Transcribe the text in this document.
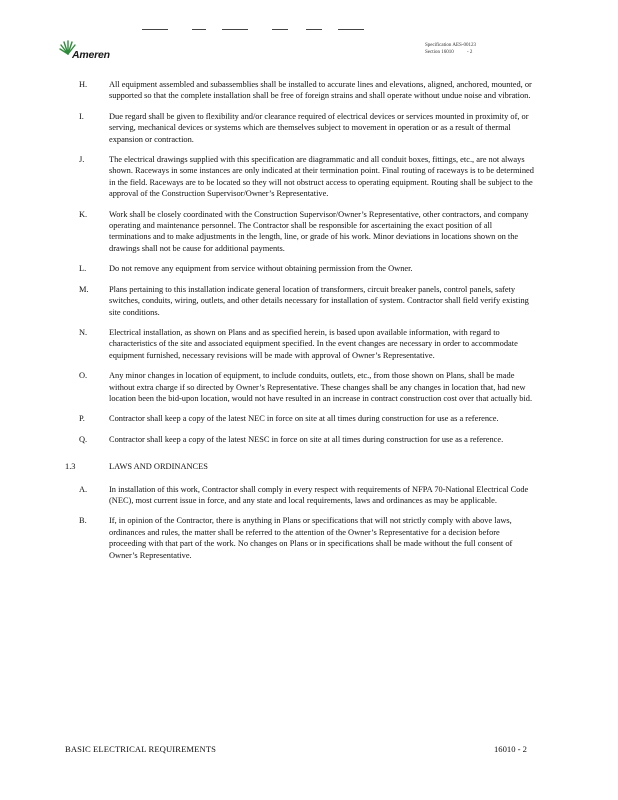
Ameren
Specification AES-00123
Section 16010	- 2
H.	All equipment assembled and subassemblies shall be installed to accurate lines and elevations, aligned, anchored, mounted, or supported so that the complete installation shall be free of foreign strains and shall operate without undue noise and vibration.
I.	Due regard shall be given to flexibility and/or clearance required of electrical devices or services mounted in proximity of, or serving, mechanical devices or systems which are themselves subject to movement in operation or as a result of thermal expansion or contraction.
J.	The electrical drawings supplied with this specification are diagrammatic and all conduit boxes, fittings, etc., are not always shown. Raceways in some instances are only indicated at their termination point. Final routing of raceways is to be determined in the field. Raceways are to be located so they will not obstruct access to operating equipment. Routing shall be subject to the approval of the Construction Supervisor/Owner’s Representative.
K.	Work shall be closely coordinated with the Construction Supervisor/Owner’s Representative, other contractors, and company operating and maintenance personnel. The Contractor shall be responsible for ascertaining the exact position of all terminations and to make adjustments in the length, line, or grade of his work. Minor deviations in locations shown on the drawings shall not be cause for additional payments.
L.	Do not remove any equipment from service without obtaining permission from the Owner.
M. Plans pertaining to this installation indicate general location of transformers, circuit breaker panels, control panels, safety switches, conduits, wiring, outlets, and other details necessary for installation of system. Contractor shall field verify existing site conditions.
N.	Electrical installation, as shown on Plans and as specified herein, is based upon available information, with regard to characteristics of the site and associated equipment specified. In the event changes are necessary in order to accommodate equipment furnished, necessary revisions will be made with approval of Owner’s Representative.
O.	Any minor changes in location of equipment, to include conduits, outlets, etc., from those shown on Plans, shall be made without extra charge if so directed by Owner’s Representative. These changes shall be any changes in location that, had new location been the bid-upon location, would not have resulted in an increase in contract construction cost over that actually bid.
P.	Contractor shall keep a copy of the latest NEC in force on site at all times during construction for use as a reference.
Q.	Contractor shall keep a copy of the latest NESC in force on site at all times during construction for use as a reference.
1.3	LAWS AND ORDINANCES
A.	In installation of this work, Contractor shall comply in every respect with requirements of NFPA 70-National Electrical Code (NEC), most current issue in force, and any state and local requirements, laws and ordinances as may be applicable.
B.	If, in opinion of the Contractor, there is anything in Plans or specifications that will not strictly comply with above laws, ordinances and rules, the matter shall be referred to the attention of the Owner’s Representative for a decision before proceeding with that part of the work. No changes on Plans or in specifications shall be made without the full consent of Owner’s Representative.
BASIC ELECTRICAL REQUIREMENTS	16010 - 2
